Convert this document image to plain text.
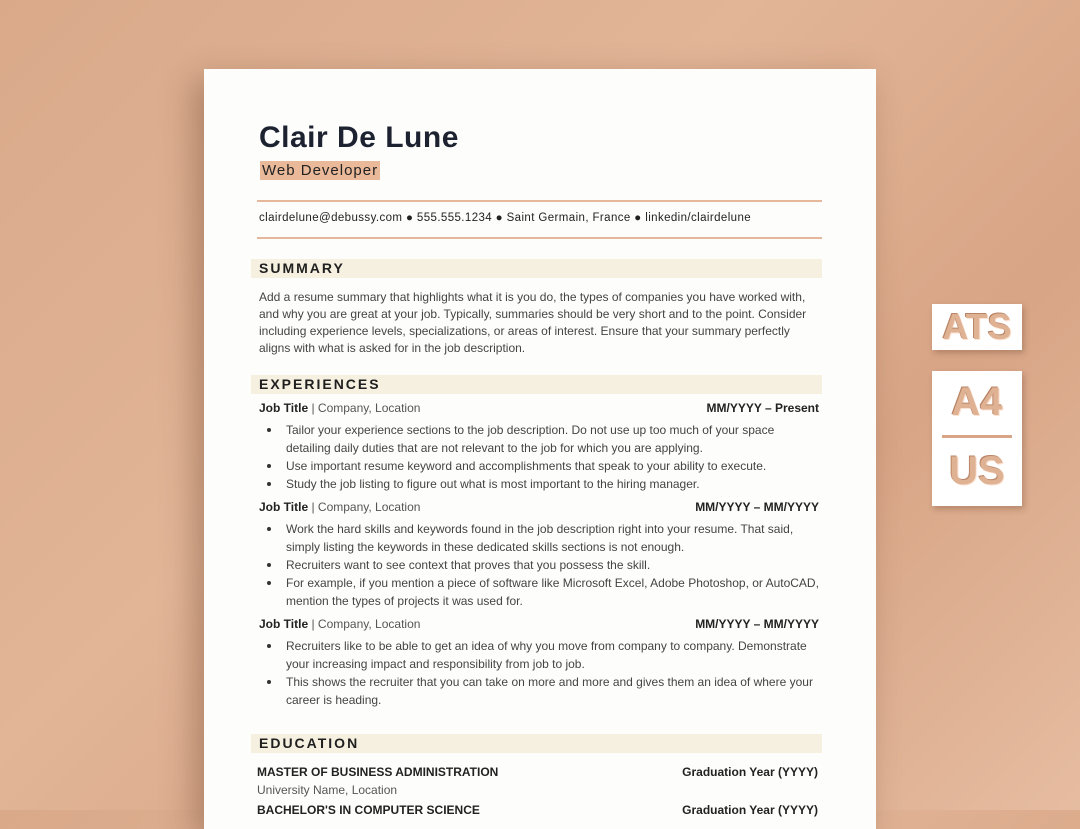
Clair De Lune
Web Developer
clairdelune@debussy.com ● 555.555.1234 ● Saint Germain, France ● linkedin/clairdelune
SUMMARY
Add a resume summary that highlights what it is you do, the types of companies you have worked with, and why you are great at your job. Typically, summaries should be very short and to the point. Consider including experience levels, specializations, or areas of interest. Ensure that your summary perfectly aligns with what is asked for in the job description.
EXPERIENCES
Job Title | Company, Location	MM/YYYY – Present
Tailor your experience sections to the job description. Do not use up too much of your space detailing daily duties that are not relevant to the job for which you are applying.
Use important resume keyword and accomplishments that speak to your ability to execute.
Study the job listing to figure out what is most important to the hiring manager.
Job Title | Company, Location	MM/YYYY – MM/YYYY
Work the hard skills and keywords found in the job description right into your resume. That said, simply listing the keywords in these dedicated skills sections is not enough.
Recruiters want to see context that proves that you possess the skill.
For example, if you mention a piece of software like Microsoft Excel, Adobe Photoshop, or AutoCAD, mention the types of projects it was used for.
Job Title | Company, Location	MM/YYYY – MM/YYYY
Recruiters like to be able to get an idea of why you move from company to company. Demonstrate your increasing impact and responsibility from job to job.
This shows the recruiter that you can take on more and more and gives them an idea of where your career is heading.
EDUCATION
MASTER OF BUSINESS ADMINISTRATION	Graduation Year (YYYY)
University Name, Location
BACHELOR'S IN COMPUTER SCIENCE	Graduation Year (YYYY)
ATS
A4
US
